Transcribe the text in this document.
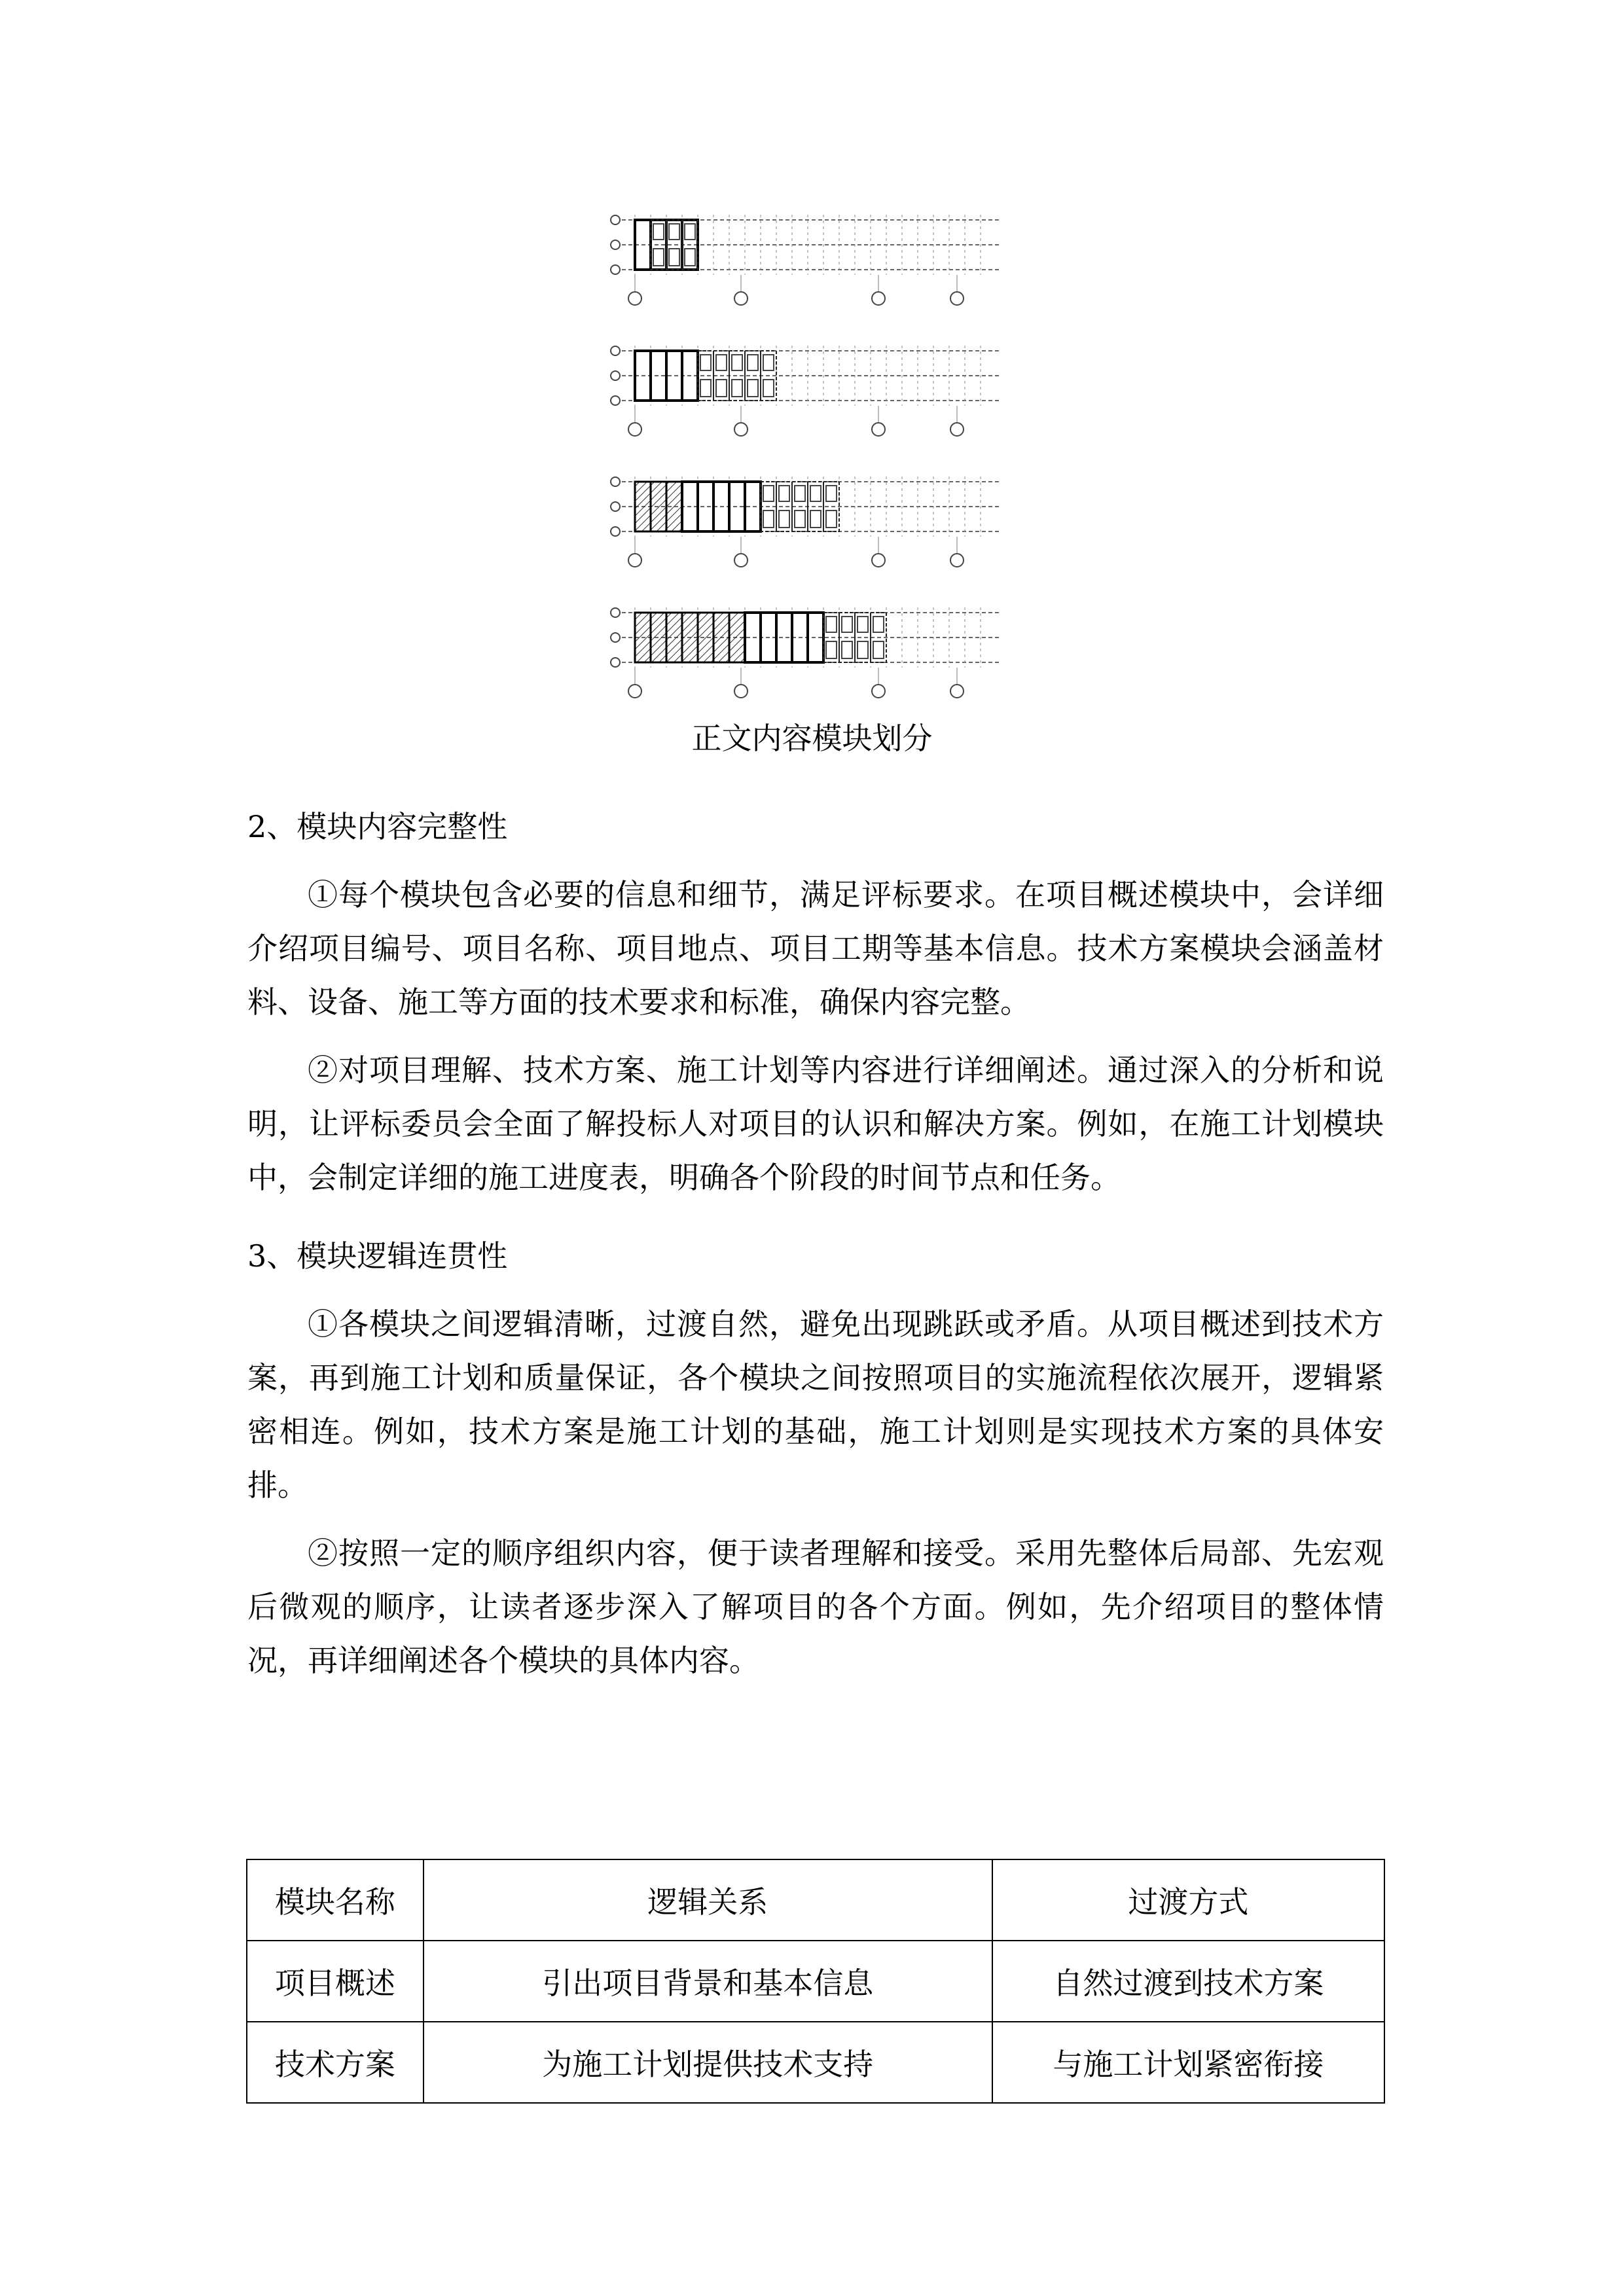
正文内容模块划分
2、模块内容完整性

①每个模块包含必要的信息和细节，满足评标要求。在项目概述模块中，会详细介绍项目编号、项目名称、项目地点、项目工期等基本信息。技术方案模块会涵盖材料、设备、施工等方面的技术要求和标准，确保内容完整。

②对项目理解、技术方案、施工计划等内容进行详细阐述。通过深入的分析和说明，让评标委员会全面了解投标人对项目的认识和解决方案。例如，在施工计划模块中，会制定详细的施工进度表，明确各个阶段的时间节点和任务。

3、模块逻辑连贯性

①各模块之间逻辑清晰，过渡自然，避免出现跳跃或矛盾。从项目概述到技术方案，再到施工计划和质量保证，各个模块之间按照项目的实施流程依次展开，逻辑紧密相连。例如，技术方案是施工计划的基础，施工计划则是实现技术方案的具体安排。

②按照一定的顺序组织内容，便于读者理解和接受。采用先整体后局部、先宏观后微观的顺序，让读者逐步深入了解项目的各个方面。例如，先介绍项目的整体情况，再详细阐述各个模块的具体内容。

模块名称	逻辑关系	过渡方式
项目概述	引出项目背景和基本信息	自然过渡到技术方案
技术方案	为施工计划提供技术支持	与施工计划紧密衔接
